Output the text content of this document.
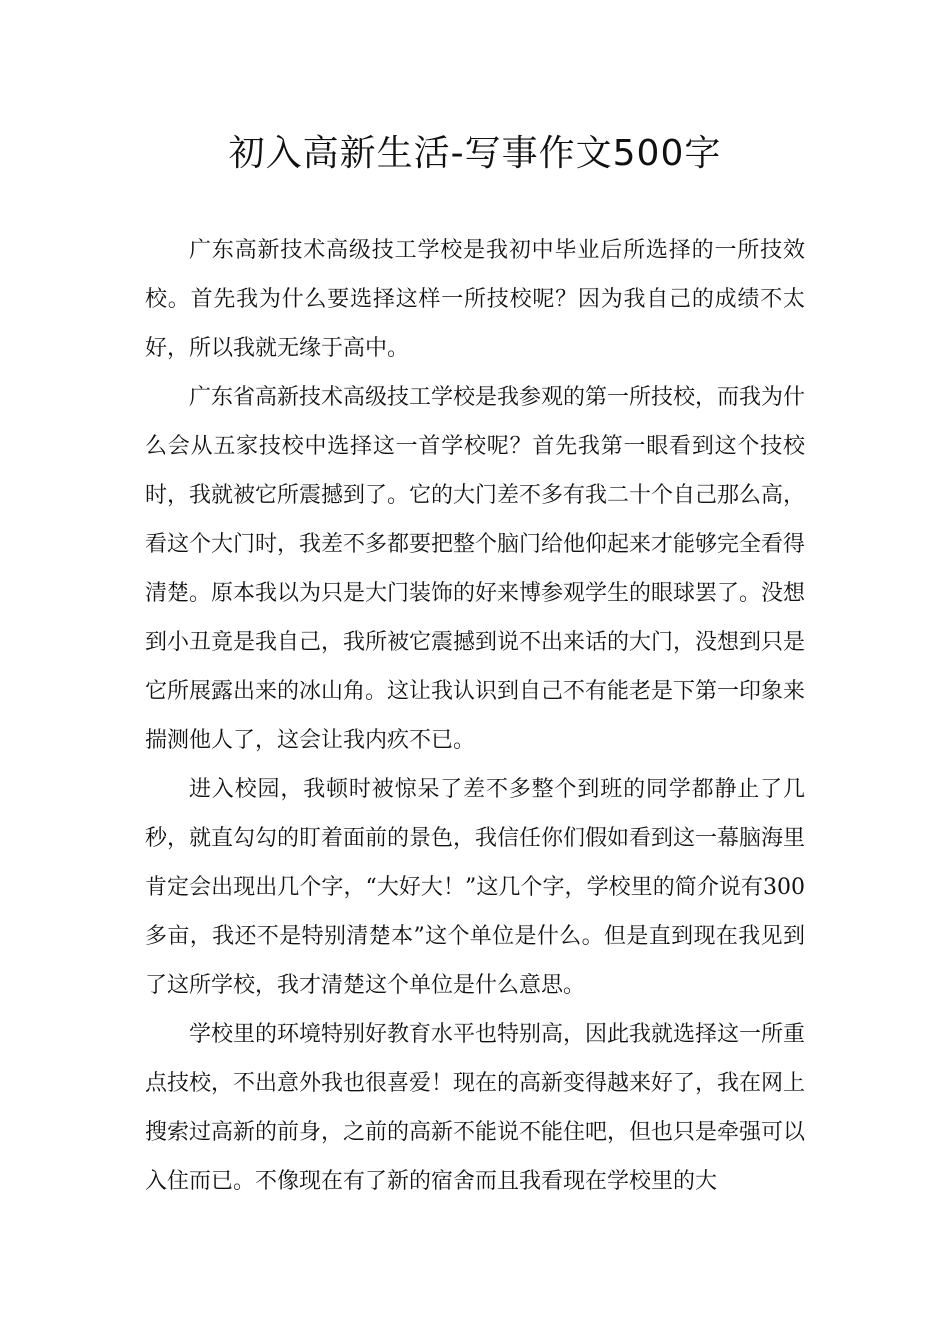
初入高新生活-写事作文500字

广东高新技术高级技工学校是我初中毕业后所选择的一所技效校。首先我为什么要选择这样一所技校呢？因为我自己的成绩不太好，所以我就无缘于高中。

广东省高新技术高级技工学校是我参观的第一所技校，而我为什么会从五家技校中选择这一首学校呢？首先我第一眼看到这个技校时，我就被它所震撼到了。它的大门差不多有我二十个自己那么高，看这个大门时，我差不多都要把整个脑门给他仰起来才能够完全看得清楚。原本我以为只是大门装饰的好来博参观学生的眼球罢了。没想到小丑竟是我自己，我所被它震撼到说不出来话的大门，没想到只是它所展露出来的冰山角。这让我认识到自己不有能老是下第一印象来揣测他人了，这会让我内疚不已。

进入校园，我顿时被惊呆了差不多整个到班的同学都静止了几秒，就直勾勾的盯着面前的景色，我信任你们假如看到这一幕脑海里肯定会出现出几个字，“大好大！”这几个字，学校里的简介说有300多亩，我还不是特别清楚本”这个单位是什么。但是直到现在我见到了这所学校，我才清楚这个单位是什么意思。

学校里的环境特别好教育水平也特别高，因此我就选择这一所重点技校，不出意外我也很喜爱！现在的高新变得越来好了，我在网上搜索过高新的前身，之前的高新不能说不能住吧，但也只是牵强可以入住而已。不像现在有了新的宿舍而且我看现在学校里的大
